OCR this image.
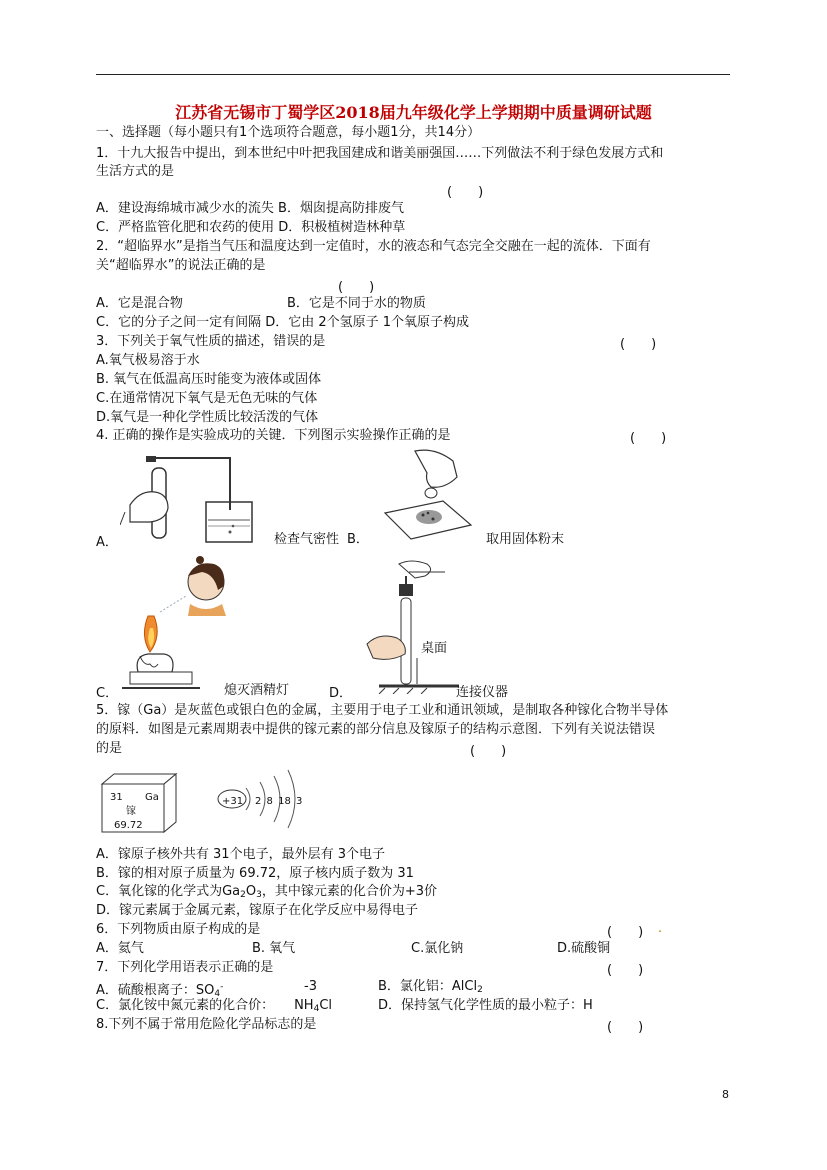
江苏省无锡市丁蜀学区2018届九年级化学上学期期中质量调研试题
一、选择题（每小题只有1个选项符合题意，每小题1分，共14分）
1．十九大报告中提出，到本世纪中叶把我国建成和谐美丽强国……下列做法不利于绿色发展方式和
生活方式的是
(　　)
A．建设海绵城市减少水的流失 B．烟囱提高防排废气
C．严格监管化肥和农药的使用 D．积极植树造林种草
2．“超临界水”是指当气压和温度达到一定值时，水的液态和气态完全交融在一起的流体．下面有
关“超临界水”的说法正确的是
(　　)
A．它是混合物	B．它是不同于水的物质
C．它的分子之间一定有间隔 D．它由 2个氢原子 1个氧原子构成
3．下列关于氧气性质的描述，错误的是	(　　)
A.氧气极易溶于水
B. 氧气在低温高压时能变为液体或固体
C.在通常情况下氧气是无色无味的气体
D.氧气是一种化学性质比较活泼的气体
4. 正确的操作是实验成功的关键．下列图示实验操作正确的是	(　　)
A．	检查气密性 B．	取用固体粉末
C．	熄灭酒精灯	D．
桌面
连接仪器
5．镓（Ga）是灰蓝色或银白色的金属，主要用于电子工业和通讯领域，是制取各种镓化合物半导体
的原料．如图是元素周期表中提供的镓元素的部分信息及镓原子的结构示意图．下列有关说法错误
的是	(　　)
31 Ga
镓
69.72
+31 2 8 18 3
A．镓原子核外共有 31个电子，最外层有 3个电子
B．镓的相对原子质量为 69.72，原子核内质子数为 31
C．氧化镓的化学式为$Ga_2O_3$，其中镓元素的化合价为+3价
D．镓元素属于金属元素，镓原子在化学反应中易得电子
6．下列物质由原子构成的是	(　　) .
A．氦气	B. 氧气	C.氯化钠	D.硫酸铜
7．下列化学用语表示正确的是	(　　)
A．硫酸根离子：$SO_4^-$	-3	B．氯化铝：AlCl$_2$
C．氯化铵中氮元素的化合价： $NH_4Cl$	D．保持氢气化学性质的最小粒子：H
8.下列不属于常用危险化学品标志的是	(　　)
8
